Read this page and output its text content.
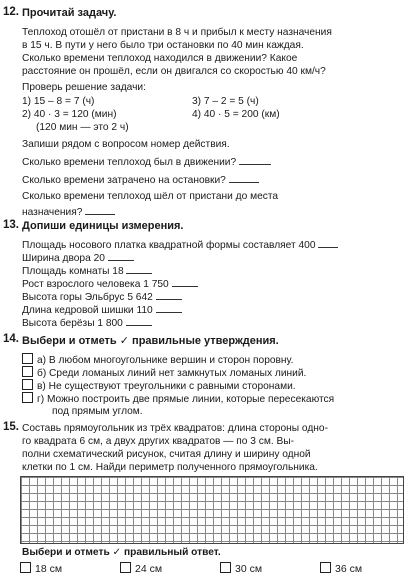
12. Прочитай задачу.
Теплоход отошёл от пристани в 8 ч и прибыл к месту назначения
в 15 ч. В пути у него было три остановки по 40 мин каждая.
Сколько времени теплоход находился в движении? Какое
расстояние он прошёл, если он двигался со скоростью 40 км/ч?
Проверь решение задачи:
1) 15 – 8 = 7 (ч)	3) 7 – 2 = 5 (ч)
2) 40 · 3 = 120 (мин)	4) 40 · 5 = 200 (км)
(120 мин — это 2 ч)
Запиши рядом с вопросом номер действия.
Сколько времени теплоход был в движении?
Сколько времени затрачено на остановки?
Сколько времени теплоход шёл от пристани до места
назначения?
13. Допиши единицы измерения.
Площадь носового платка квадратной формы составляет 400
Ширина двора 20
Площадь комнаты 18
Рост взрослого человека 1 750
Высота горы Эльбрус 5 642
Длина кедровой шишки 110
Высота берёзы 1 800
14. Выбери и отметь ✓ правильные утверждения.
а) В любом многоугольнике вершин и сторон поровну.
б) Среди ломаных линий нет замкнутых ломаных линий.
в) Не существуют треугольники с равными сторонами.
г) Можно построить две прямые линии, которые пересекаются
под прямым углом.
15. Составь прямоугольник из трёх квадратов: длина стороны одно-
го квадрата 6 см, а двух других квадратов — по 3 см. Вы-
полни схематический рисунок, считая длину и ширину одной
клетки по 1 см. Найди периметр полученного прямоугольника.
Выбери и отметь ✓ правильный ответ.
18 см	24 см	30 см	36 см
